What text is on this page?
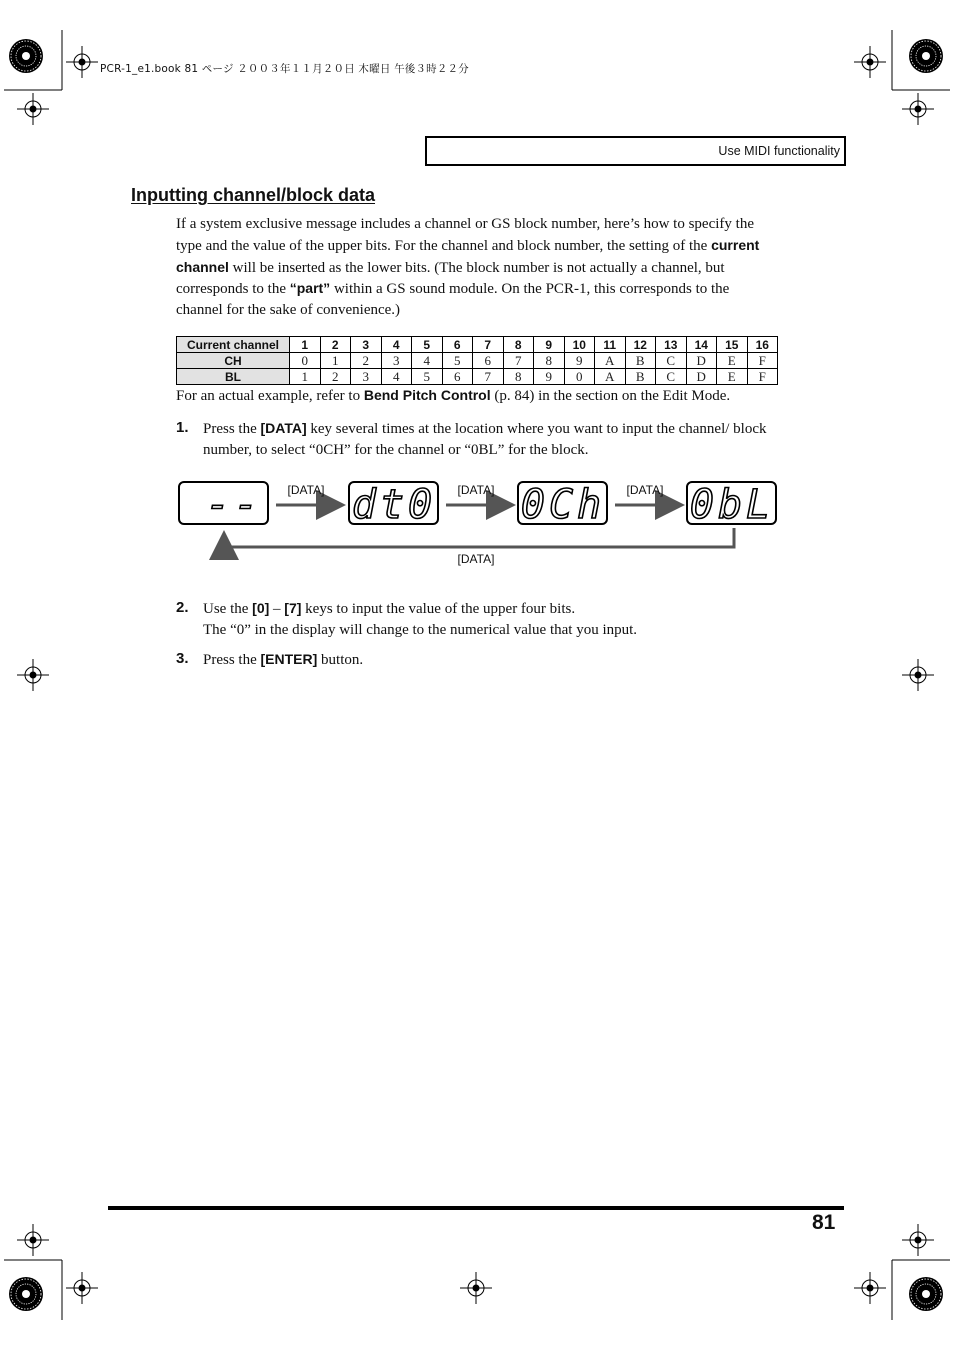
PCR-1_e1.book 81 ページ ２００３年１１月２０日 木曜日 午後３時２２分
Use MIDI functionality
Inputting channel/block data
If a system exclusive message includes a channel or GS block number, here’s how to specify the type and the value of the upper bits. For the channel and block number, the setting of the current channel will be inserted as the lower bits. (The block number is not actually a channel, but corresponds to the “part” within a GS sound module. On the PCR-1, this corresponds to the channel for the sake of convenience.)
Current channel	1	2	3	4	5	6	7	8	9	10	11	12	13	14	15	16
CH	0	1	2	3	4	5	6	7	8	9	A	B	C	D	E	F
BL	1	2	3	4	5	6	7	8	9	0	A	B	C	D	E	F
For an actual example, refer to Bend Pitch Control (p. 84) in the section on the Edit Mode.
1. Press the [DATA] key several times at the location where you want to input the channel/ block number, to select “0CH” for the channel or “0BL” for the block.
-- dt0 0Ch 0bL
[DATA]	[DATA]	[DATA]
[DATA]
2. Use the [0] – [7] keys to input the value of the upper four bits.
The “0” in the display will change to the numerical value that you input.
3. Press the [ENTER] button.
81
